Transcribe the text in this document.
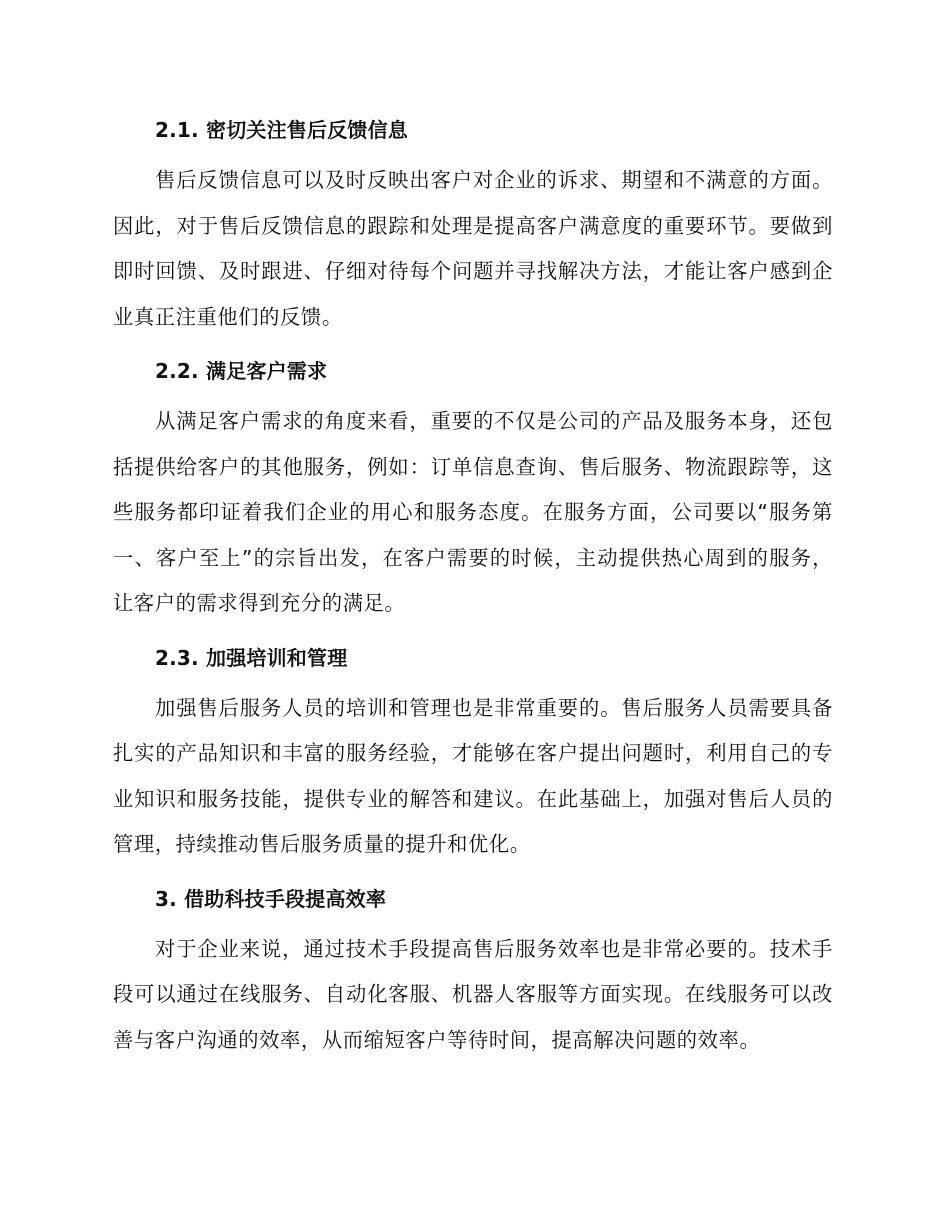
2.1. 密切关注售后反馈信息

售后反馈信息可以及时反映出客户对企业的诉求、期望和不满意的方面。因此，对于售后反馈信息的跟踪和处理是提高客户满意度的重要环节。要做到即时回馈、及时跟进、仔细对待每个问题并寻找解决方法，才能让客户感到企业真正注重他们的反馈。

2.2. 满足客户需求

从满足客户需求的角度来看，重要的不仅是公司的产品及服务本身，还包括提供给客户的其他服务，例如：订单信息查询、售后服务、物流跟踪等，这些服务都印证着我们企业的用心和服务态度。在服务方面，公司要以“服务第一、客户至上”的宗旨出发，在客户需要的时候，主动提供热心周到的服务，让客户的需求得到充分的满足。

2.3. 加强培训和管理

加强售后服务人员的培训和管理也是非常重要的。售后服务人员需要具备扎实的产品知识和丰富的服务经验，才能够在客户提出问题时，利用自己的专业知识和服务技能，提供专业的解答和建议。在此基础上，加强对售后人员的管理，持续推动售后服务质量的提升和优化。

3. 借助科技手段提高效率

对于企业来说，通过技术手段提高售后服务效率也是非常必要的。技术手段可以通过在线服务、自动化客服、机器人客服等方面实现。在线服务可以改善与客户沟通的效率，从而缩短客户等待时间，提高解决问题的效率。
